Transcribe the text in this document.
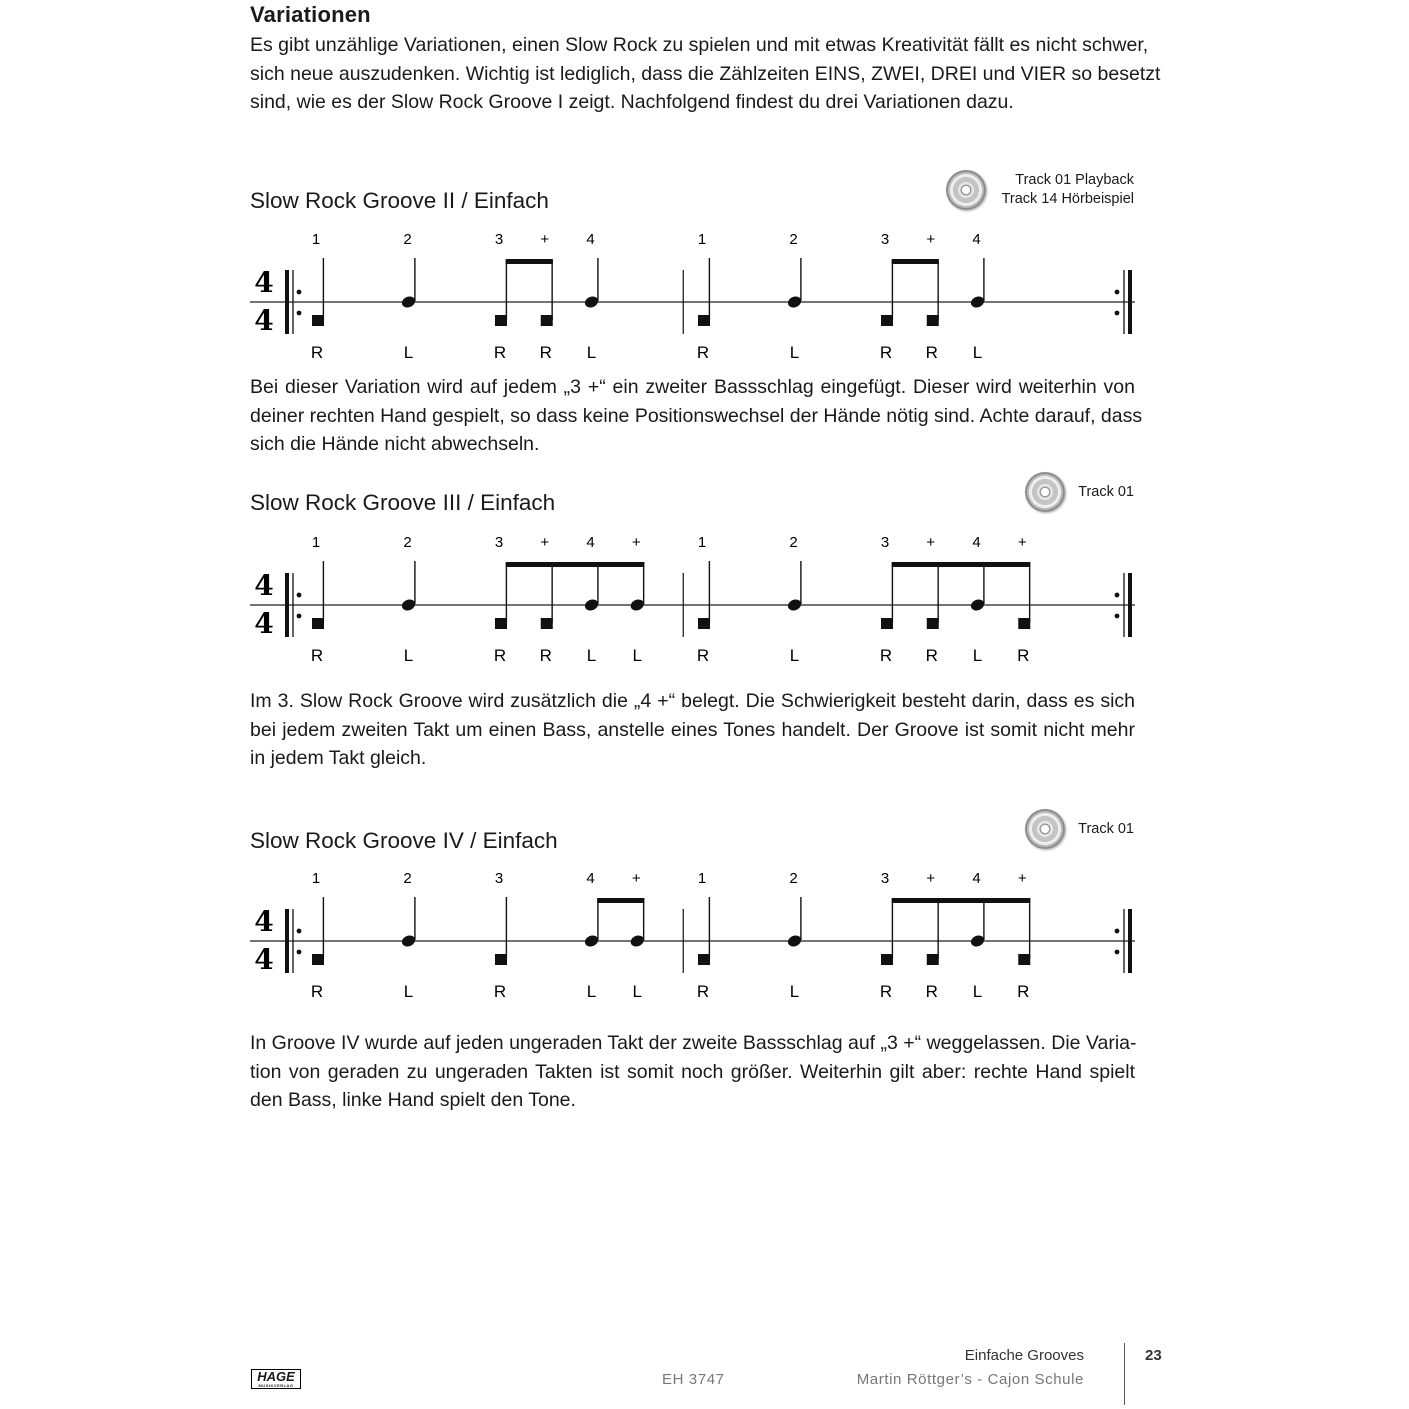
Variationen
Es gibt unzählige Variationen, einen Slow Rock zu spielen und mit etwas Kreativität fällt es nicht schwer,
sich neue auszudenken. Wichtig ist lediglich, dass die Zählzeiten EINS, ZWEI, DREI und VIER so besetzt
sind, wie es der Slow Rock Groove I zeigt. Nachfolgend findest du drei Variationen dazu.
Slow Rock Groove II / Einfach
Track 01 Playback
Track 14 Hörbeispiel
4
4
1
R
2
L
3
R
+
R
4
L
1
R
2
L
3
R
+
R
4
L
Bei dieser Variation wird auf jedem „3 +“ ein zweiter Bassschlag eingefügt. Dieser wird weiterhin von
deiner rechten Hand gespielt, so dass keine Positionswechsel der Hände nötig sind. Achte darauf, dass
sich die Hände nicht abwechseln.
Slow Rock Groove III / Einfach	Track 01
4
4
1
R
2
L
3
R
+
R
4
L
+
L
1
R
2
L
3
R
+
R
4
L
+
R
Im 3. Slow Rock Groove wird zusätzlich die „4 +“ belegt. Die Schwierigkeit besteht darin, dass es sich
bei jedem zweiten Takt um einen Bass, anstelle eines Tones handelt. Der Groove ist somit nicht mehr
in jedem Takt gleich.
Slow Rock Groove IV / Einfach	Track 01
4
4
1
R
2
L
3
R
4
L
+
L
1
R
2
L
3
R
+
R
4
L
+
R
In Groove IV wurde auf jeden ungeraden Takt der zweite Bassschlag auf „3 +“ weggelassen. Die Varia-
tion von geraden zu ungeraden Takten ist somit noch größer. Weiterhin gilt aber: rechte Hand spielt
den Bass, linke Hand spielt den Tone.
HAGE
MUSIKVERLAG	EH 3747
Einfache Grooves
Martin Röttger’s - Cajon Schule
23
